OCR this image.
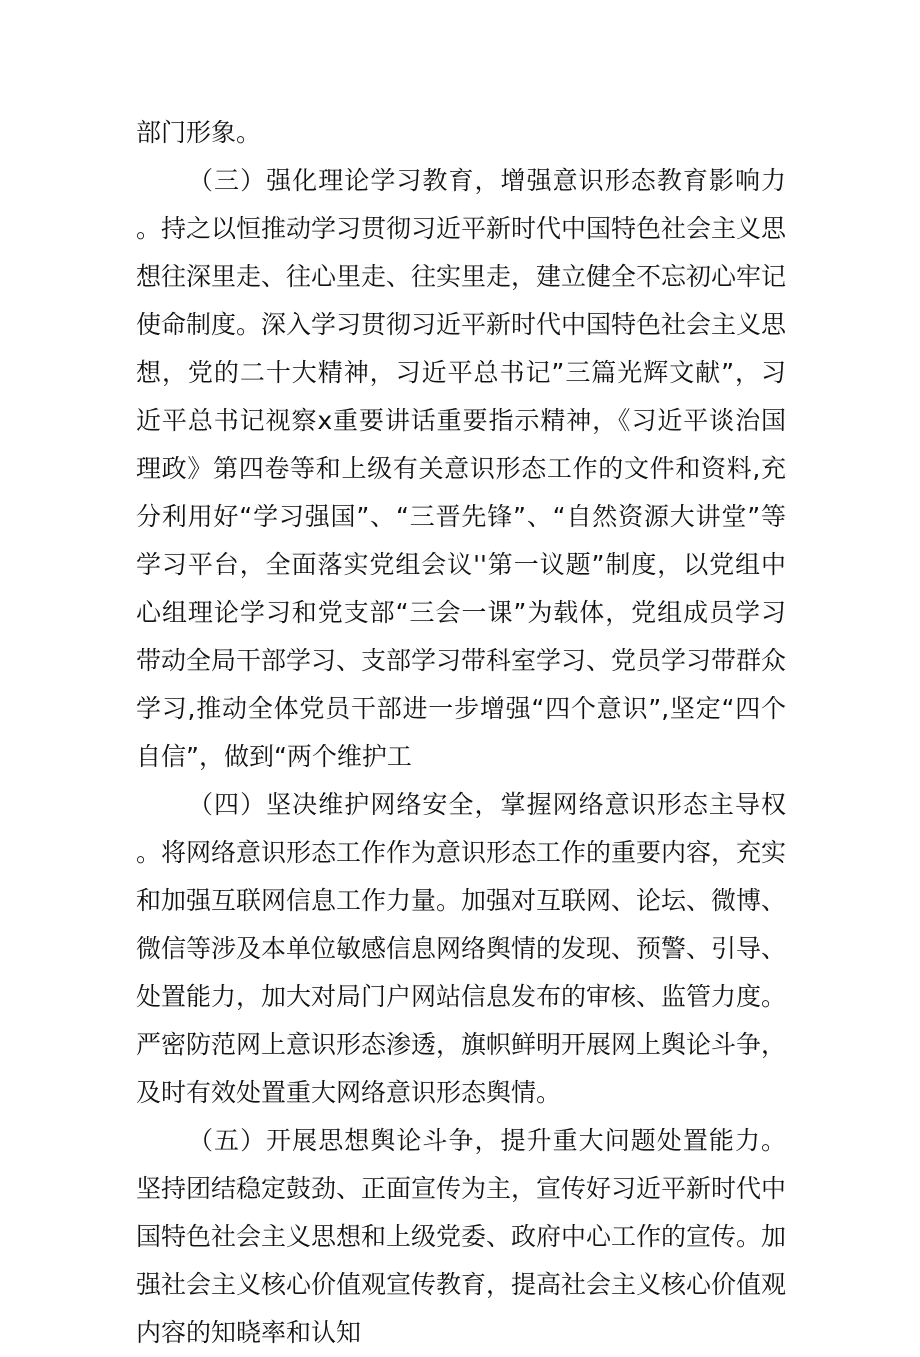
部门形象。

（三）强化理论学习教育，增强意识形态教育影响力。持之以恒推动学习贯彻习近平新时代中国特色社会主义思想往深里走、往心里走、往实里走，建立健全不忘初心牢记使命制度。深入学习贯彻习近平新时代中国特色社会主义思想，党的二十大精神，习近平总书记”三篇光辉文献”，习近平总书记视察x重要讲话重要指示精神，《习近平谈治国理政》第四卷等和上级有关意识形态工作的文件和资料,充分利用好“学习强国”、“三晋先锋”、“自然资源大讲堂”等学习平台，全面落实党组会议''第一议题”制度，以党组中心组理论学习和党支部“三会一课”为载体，党组成员学习带动全局干部学习、支部学习带科室学习、党员学习带群众学习,推动全体党员干部进一步增强“四个意识”,坚定“四个自信”，做到“两个维护工

（四）坚决维护网络安全，掌握网络意识形态主导权。将网络意识形态工作作为意识形态工作的重要内容，充实和加强互联网信息工作力量。加强对互联网、论坛、微博、微信等涉及本单位敏感信息网络舆情的发现、预警、引导、处置能力，加大对局门户网站信息发布的审核、监管力度。严密防范网上意识形态渗透，旗帜鲜明开展网上舆论斗争，及时有效处置重大网络意识形态舆情。

（五）开展思想舆论斗争，提升重大问题处置能力。坚持团结稳定鼓劲、正面宣传为主，宣传好习近平新时代中国特色社会主义思想和上级党委、政府中心工作的宣传。加强社会主义核心价值观宣传教育，提高社会主义核心价值观内容的知晓率和认知
